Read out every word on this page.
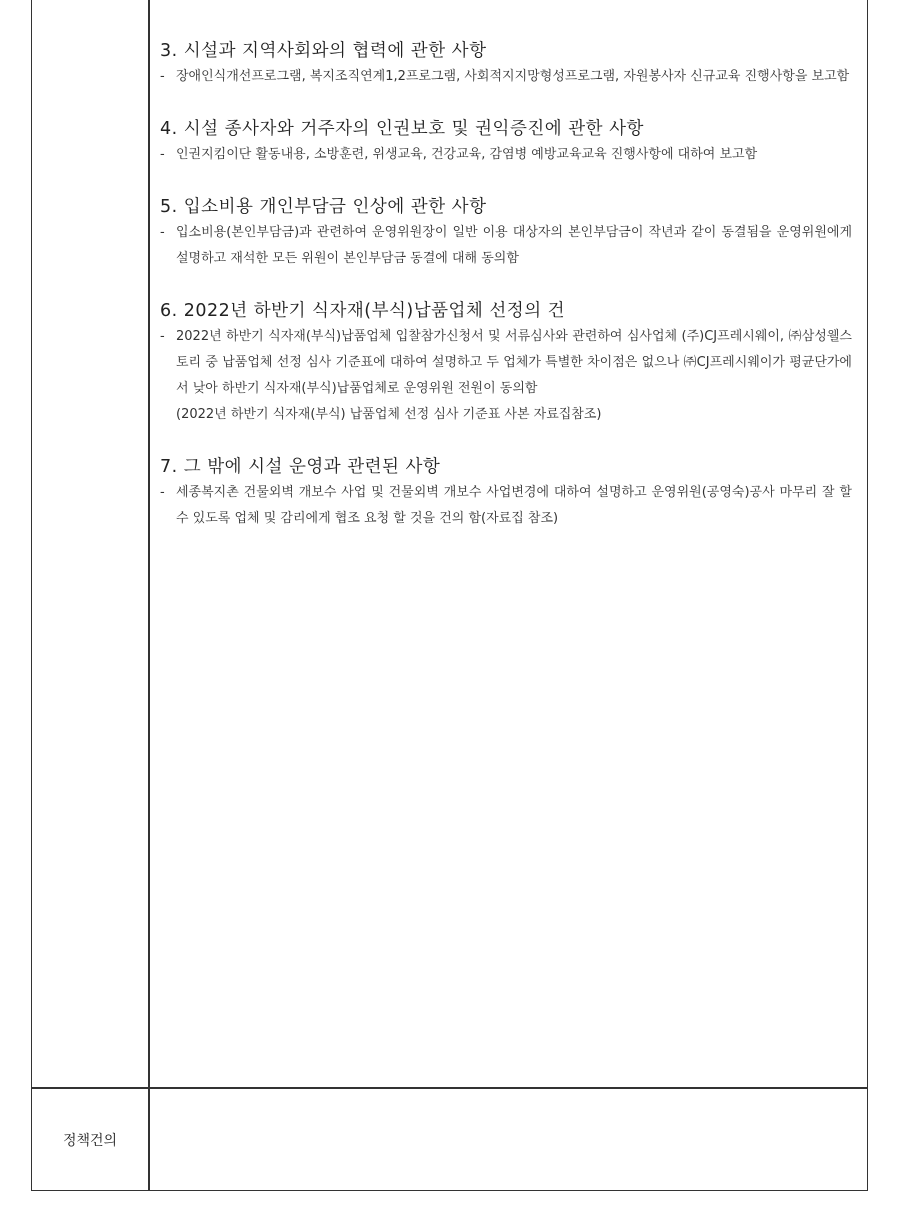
정책건의
3. 시설과 지역사회와의 협력에 관한 사항
- 장애인식개선프로그램, 복지조직연계1,2프로그램, 사회적지지망형성프로그램, 자원봉사자 신규교육 진행사항을 보고함
4. 시설 종사자와 거주자의 인권보호 및 권익증진에 관한 사항
- 인권지킴이단 활동내용, 소방훈련, 위생교육, 건강교육, 감염병 예방교육교육 진행사항에 대하여 보고함
5. 입소비용 개인부담금 인상에 관한 사항
- 입소비용(본인부담금)과 관련하여 운영위원장이 일반 이용 대상자의 본인부담금이 작년과 같이 동결됨을 운영위원에게 설명하고 재석한 모든 위원이 본인부담금 동결에 대해 동의함
6. 2022년 하반기 식자재(부식)납품업체 선정의 건
- 2022년 하반기 식자재(부식)납품업체 입찰참가신청서 및 서류심사와 관련하여 심사업체 (주)CJ프레시웨이, ㈜삼성웰스토리 중 납품업체 선정 심사 기준표에 대하여 설명하고 두 업체가 특별한 차이점은 없으나 ㈜CJ프레시웨이가 평균단가에서 낮아 하반기 식자재(부식)납품업체로 운영위원 전원이 동의함
(2022년 하반기 식자재(부식) 납품업체 선정 심사 기준표 사본 자료집참조)
7. 그 밖에 시설 운영과 관련된 사항
- 세종복지촌 건물외벽 개보수 사업 및 건물외벽 개보수 사업변경에 대하여 설명하고 운영위원(공영숙)공사 마무리 잘 할 수 있도록 업체 및 감리에게 협조 요청 할 것을 건의 함(자료집 참조)
